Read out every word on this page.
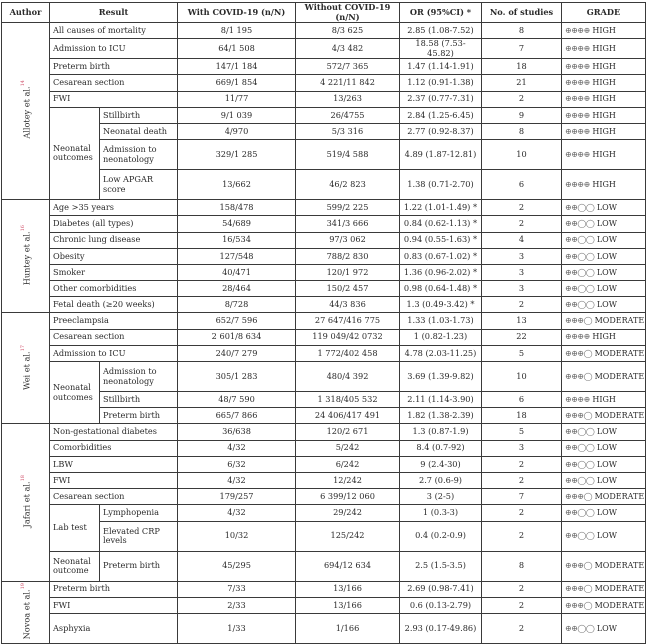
Author	Result		With COVID-19 (n/N)	Without COVID-19 (n/N)	OR (95%CI) *	No. of studies	GRADE
Allotey et al.$^{14}$	All causes of mortality		8/1 195	8/3 625	2.85 (1.08-7.52)	8	⊕⊕⊕⊕ HIGH
	Admission to ICU		64/1 508	4/3 482	18.58 (7.53-45.82)	7	⊕⊕⊕⊕ HIGH
	Preterm birth		147/1 184	572/7 365	1.47 (1.14-1.91)	18	⊕⊕⊕⊕ HIGH
	Cesarean section		669/1 854	4 221/11 842	1.12 (0.91-1.38)	21	⊕⊕⊕⊕ HIGH
	FWI		11/77	13/263	2.37 (0.77-7.31)	2	⊕⊕⊕⊕ HIGH
	Neonatal outcomes	Stillbirth	9/1 039	26/4755	2.84 (1.25-6.45)	9	⊕⊕⊕⊕ HIGH
		Neonatal death	4/970	5/3 316	2.77 (0.92-8.37)	8	⊕⊕⊕⊕ HIGH
		Admission to neonatology	329/1 285	519/4 588	4.89 (1.87-12.81)	10	⊕⊕⊕⊕ HIGH
		Low APGAR score	13/662	46/2 823	1.38 (0.71-2.70)	6	⊕⊕⊕⊕ HIGH
Huntey et al.$^{16}$	Age >35 years		158/478	599/2 225	1.22 (1.01-1.49) *	2	⊕⊕◯◯ LOW
	Diabetes (all types)		54/689	341/3 666	0.84 (0.62-1.13) *	2	⊕⊕◯◯ LOW
	Chronic lung disease		16/534	97/3 062	0.94 (0.55-1.63) *	4	⊕⊕◯◯ LOW
	Obesity		127/548	788/2 830	0.83 (0.67-1.02) *	3	⊕⊕◯◯ LOW
	Smoker		40/471	120/1 972	1.36 (0.96-2.02) *	3	⊕⊕◯◯ LOW
	Other comorbidities		28/464	150/2 457	0.98 (0.64-1.48) *	3	⊕⊕◯◯ LOW
	Fetal death (≥20 weeks)		8/728	44/3 836	1.3 (0.49-3.42) *	2	⊕⊕◯◯ LOW
Wei et al.$^{17}$	Preeclampsia		652/7 596	27 647/416 775	1.33 (1.03-1.73)	13	⊕⊕⊕◯ MODERATE
	Cesarean section		2 601/8 634	119 049/42 0732	1 (0.82-1.23)	22	⊕⊕⊕⊕ HIGH
	Admission to ICU		240/7 279	1 772/402 458	4.78 (2.03-11.25)	5	⊕⊕⊕◯ MODERATE
	Neonatal outcomes	Admission to neonatology	305/1 283	480/4 392	3.69 (1.39-9.82)	10	⊕⊕⊕◯ MODERATE
		Stillbirth	48/7 590	1 318/405 532	2.11 (1.14-3.90)	6	⊕⊕⊕⊕ HIGH
		Preterm birth	665/7 866	24 406/417 491	1.82 (1.38-2.39)	18	⊕⊕⊕◯ MODERATE
Jafari et al.$^{18}$	Non-gestational diabetes		36/638	120/2 671	1.3 (0.87-1.9)	5	⊕⊕◯◯ LOW
	Comorbidities		4/32	5/242	8.4 (0.7-92)	3	⊕⊕◯◯ LOW
	LBW		6/32	6/242	9 (2.4-30)	2	⊕⊕◯◯ LOW
	FWI		4/32	12/242	2.7 (0.6-9)	2	⊕⊕◯◯ LOW
	Cesarean section		179/257	6 399/12 060	3 (2-5)	7	⊕⊕⊕◯ MODERATE
	Lab test	Lymphopenia	4/32	29/242	1 (0.3-3)	2	⊕⊕◯◯ LOW
		Elevated CRP levels	10/32	125/242	0.4 (0.2-0.9)	2	⊕⊕◯◯ LOW
	Neonatal outcome	Preterm birth	45/295	694/12 634	2.5 (1.5-3.5)	8	⊕⊕⊕◯ MODERATE
Novoa et al.$^{19}$	Preterm birth		7/33	13/166	2.69 (0.98-7.41)	2	⊕⊕⊕◯ MODERATE
	FWI		2/33	13/166	0.6 (0.13-2.79)	2	⊕⊕⊕◯ MODERATE
	Asphyxia		1/33	1/166	2.93 (0.17-49.86)	2	⊕⊕◯◯ LOW
